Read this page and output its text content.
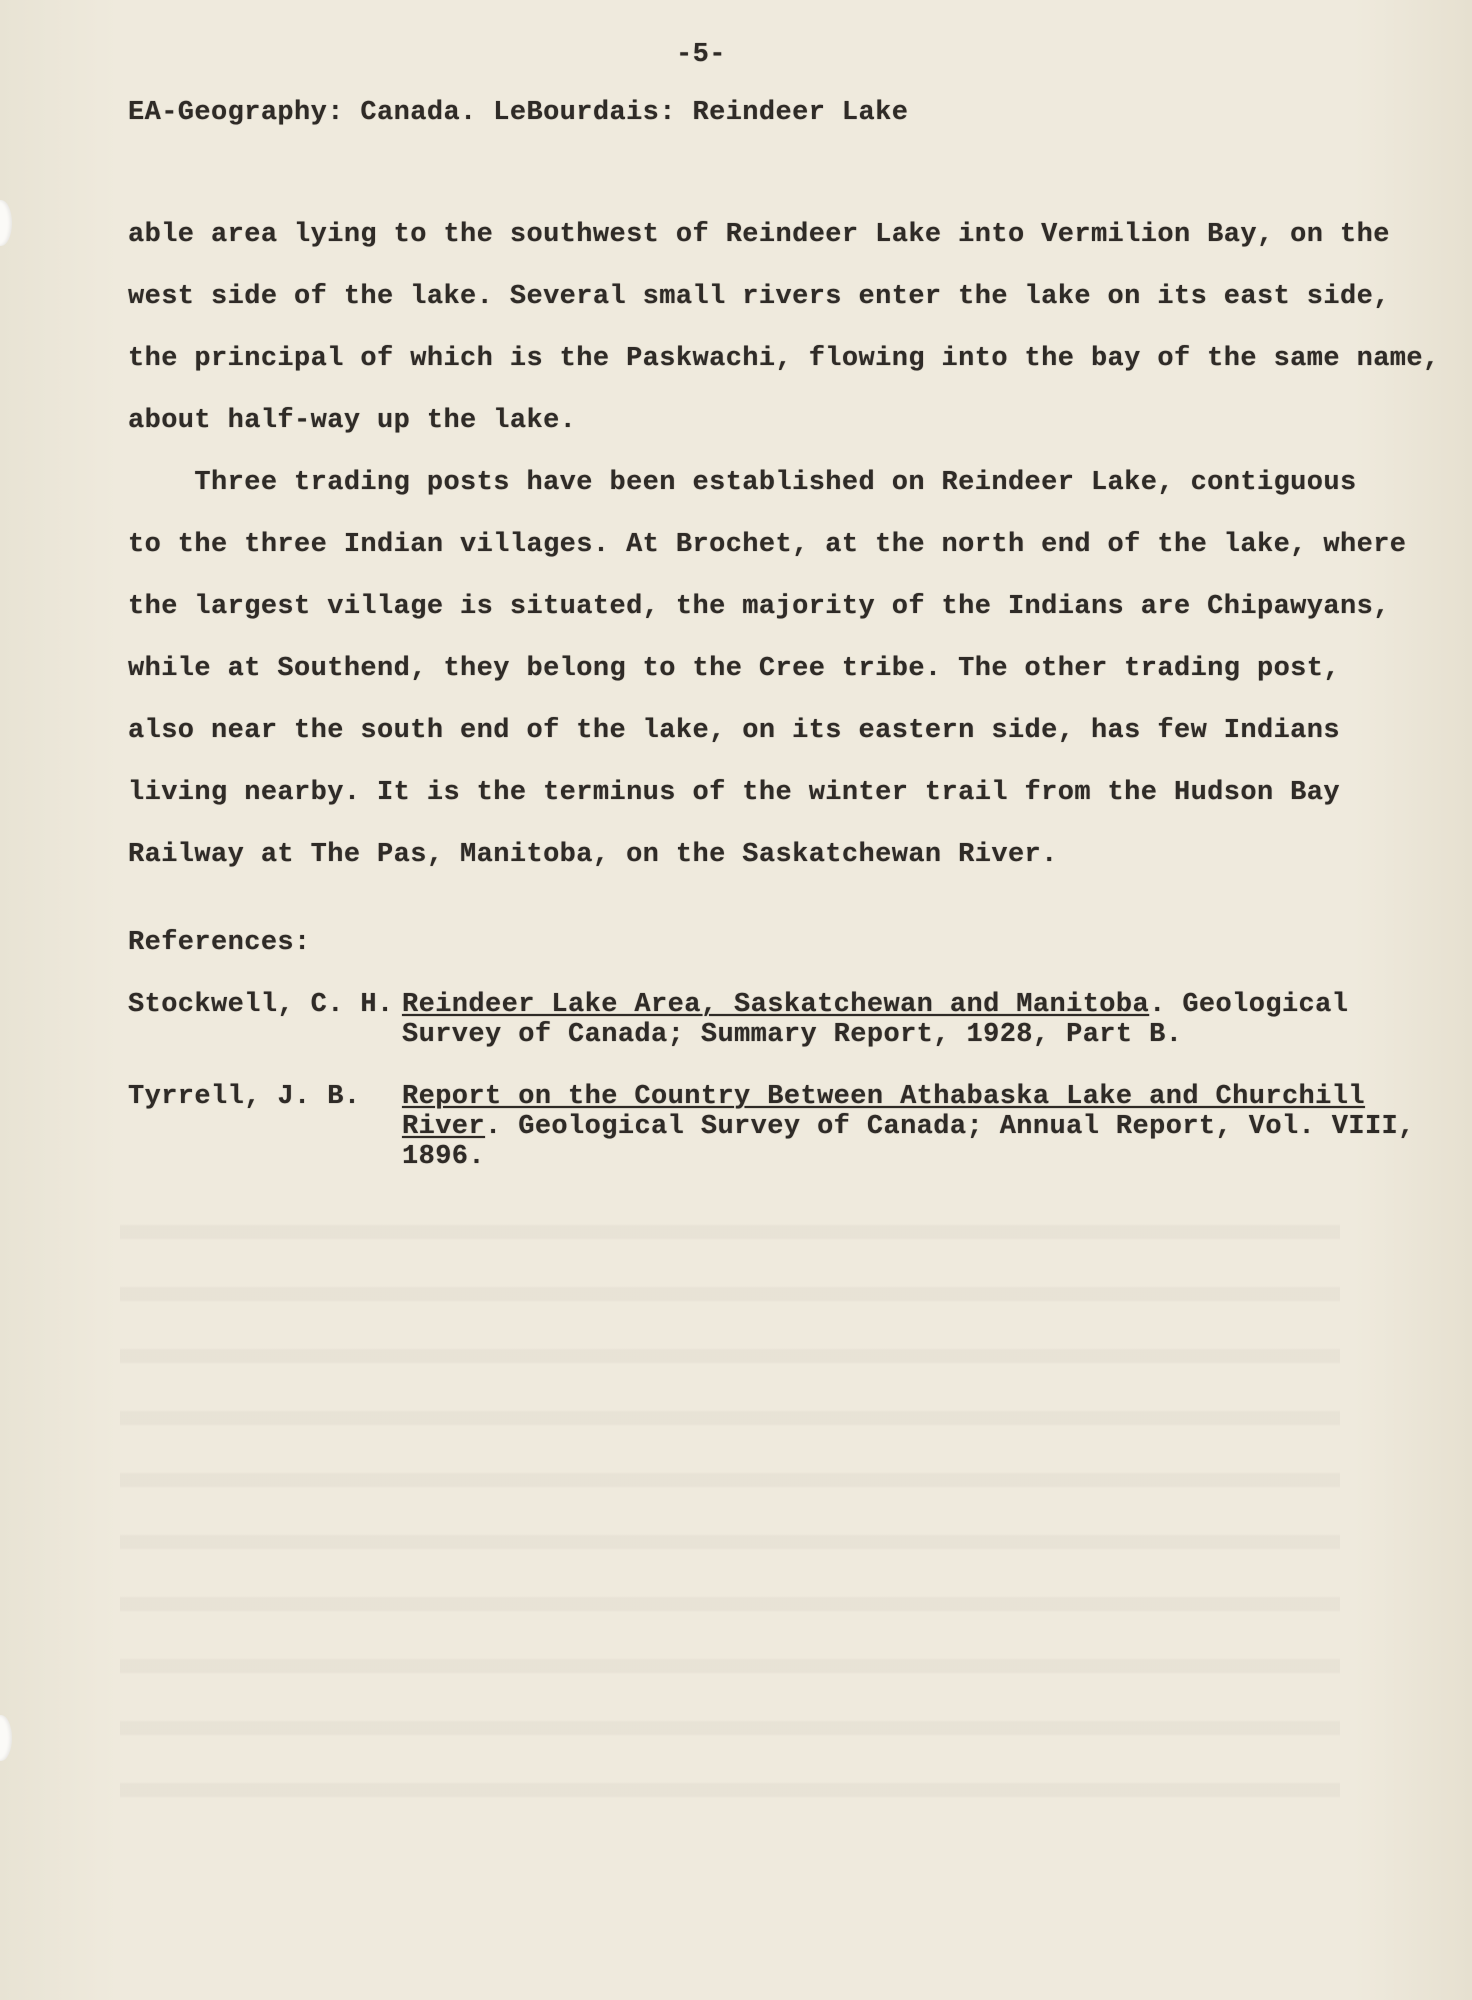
-5-
EA-Geography: Canada. LeBourdais: Reindeer Lake
able area lying to the southwest of Reindeer Lake into Vermilion Bay, on the
west side of the lake. Several small rivers enter the lake on its east side,
the principal of which is the Paskwachi, flowing into the bay of the same name,
about half-way up the lake.
Three trading posts have been established on Reindeer Lake, contiguous
to the three Indian villages. At Brochet, at the north end of the lake, where
the largest village is situated, the majority of the Indians are Chipawyans,
while at Southend, they belong to the Cree tribe. The other trading post,
also near the south end of the lake, on its eastern side, has few Indians
living nearby. It is the terminus of the winter trail from the Hudson Bay
Railway at The Pas, Manitoba, on the Saskatchewan River.
References:
Stockwell, C. H. Reindeer Lake Area, Saskatchewan and Manitoba. Geological
Survey of Canada; Summary Report, 1928, Part B.
Tyrrell, J. B. Report on the Country Between Athabaska Lake and Churchill
River. Geological Survey of Canada; Annual Report, Vol. VIII,
1896.
